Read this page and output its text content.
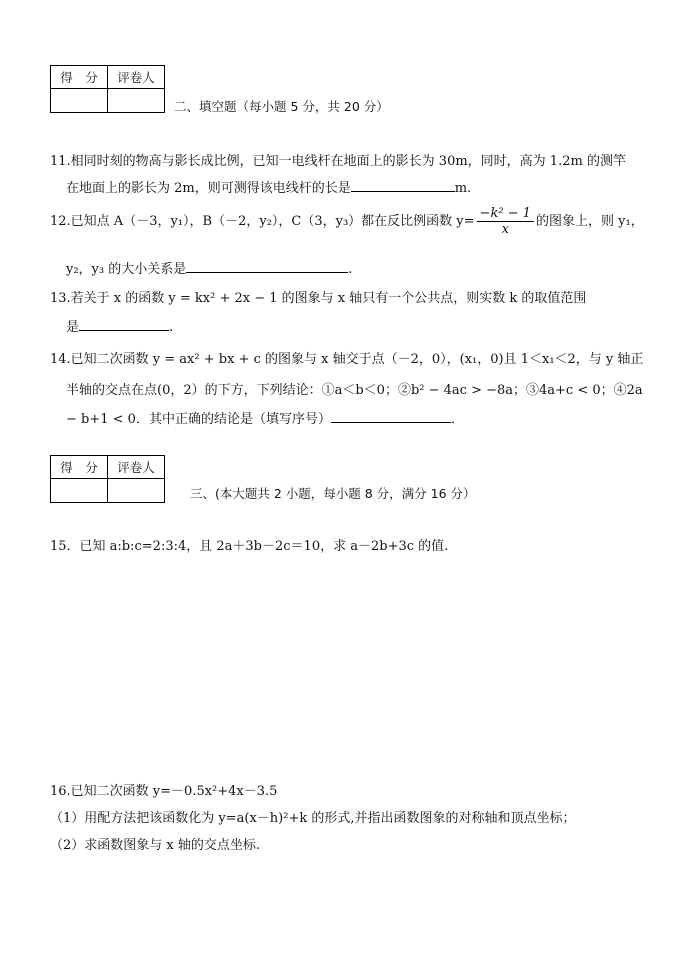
得　分	评卷人

二、填空题（每小题 5 分，共 20 分）
11.相同时刻的物高与影长成比例，已知一电线杆在地面上的影长为 30m，同时，高为 1.2m 的测竿
在地面上的影长为 2m，则可测得该电线杆的长是	m.
12.已知点 A（－3，y₁），B（－2，y₂），C（3，y₃）都在反比例函数 $y= \frac{\text{−k² − 1}}{x}$ 的图象上，则 y₁，
y₂，y₃ 的大小关系是	.
13.若关于 x 的函数 y = kx² + 2x − 1 的图象与 x 轴只有一个公共点，则实数 k 的取值范围
是	.
14.已知二次函数 y = ax² + bx + c 的图象与 x 轴交于点（－2，0），(x₁，0)且 1＜x₁＜2，与 y 轴正
半轴的交点在点(0，2）的下方，下列结论：①a＜b＜0；②b² − 4ac > −8a；③4a+c < 0；④2a
− b+1 < 0．其中正确的结论是（填写序号）	．
得　分	评卷人

三、(本大题共 2 小题，每小题 8 分，满分 16 分）
15．已知 a:b:c=2:3:4，且 2a＋3b－2c＝10，求 a－2b+3c 的值.
16.已知二次函数 y=－0.5x²+4x－3.5
（1）用配方法把该函数化为 y=a(x－h)²+k 的形式,并指出函数图象的对称轴和顶点坐标；
（2）求函数图象与 x 轴的交点坐标.
